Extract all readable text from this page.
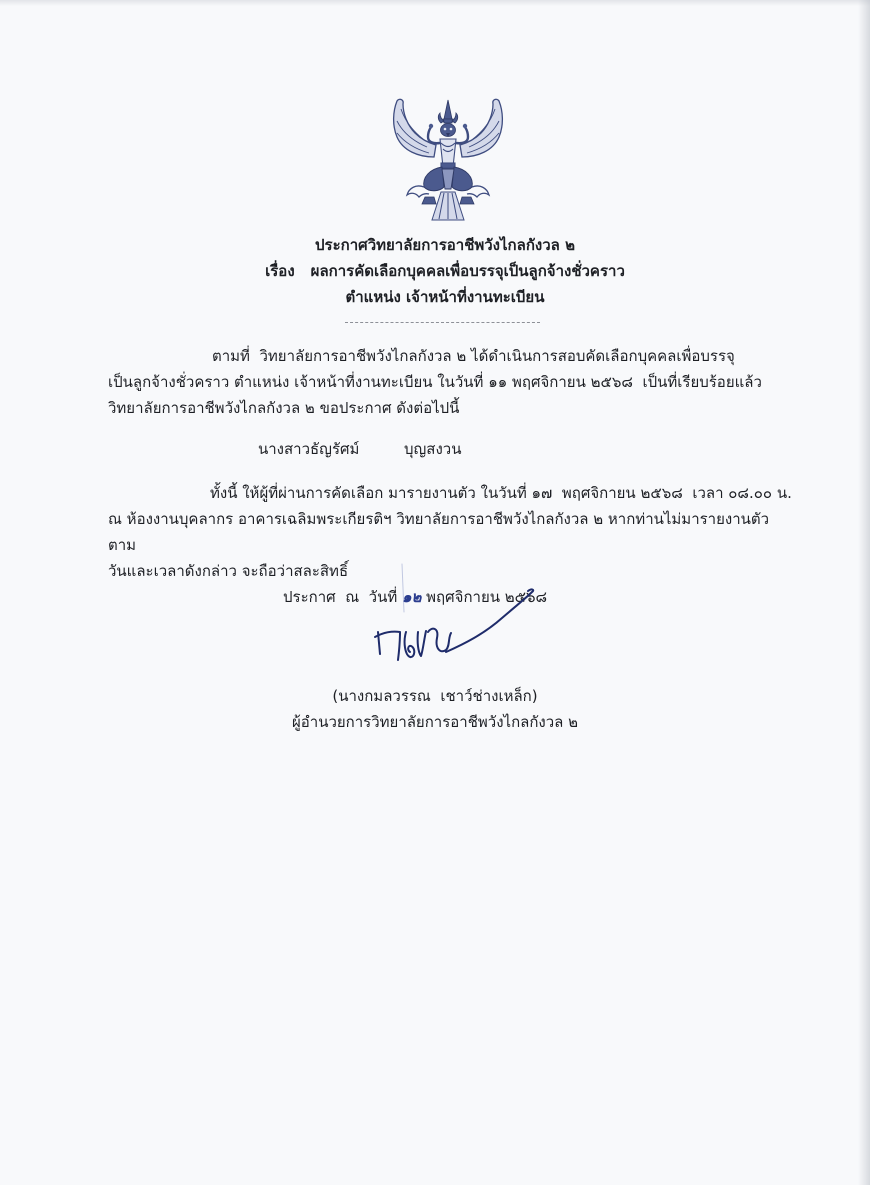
ประกาศวิทยาลัยการอาชีพวังไกลกังวล ๒
เรื่อง ผลการคัดเลือกบุคคลเพื่อบรรจุเป็นลูกจ้างชั่วคราว
ตำแหน่ง เจ้าหน้าที่งานทะเบียน
ตามที่  วิทยาลัยการอาชีพวังไกลกังวล ๒ ได้ดำเนินการสอบคัดเลือกบุคคลเพื่อบรรจุ
เป็นลูกจ้างชั่วคราว ตำแหน่ง เจ้าหน้าที่งานทะเบียน ในวันที่ ๑๑ พฤศจิกายน ๒๕๖๘  เป็นที่เรียบร้อยแล้ว
วิทยาลัยการอาชีพวังไกลกังวล ๒ ขอประกาศ ดังต่อไปนี้
นางสาวธัญรัศม์	บุญสงวน
ทั้งนี้ ให้ผู้ที่ผ่านการคัดเลือก มารายงานตัว ในวันที่ ๑๗  พฤศจิกายน ๒๕๖๘  เวลา ๐๘.๐๐ น.
ณ ห้องงานบุคลากร อาคารเฉลิมพระเกียรติฯ วิทยาลัยการอาชีพวังไกลกังวล ๒ หากท่านไม่มารายงานตัว ตาม
วันและเวลาดังกล่าว จะถือว่าสละสิทธิ์
ประกาศ  ณ  วันที่ ๑๒ พฤศจิกายน ๒๕๖๘
(นางกมลวรรณ  เชาว์ช่างเหล็ก)
ผู้อำนวยการวิทยาลัยการอาชีพวังไกลกังวล ๒
